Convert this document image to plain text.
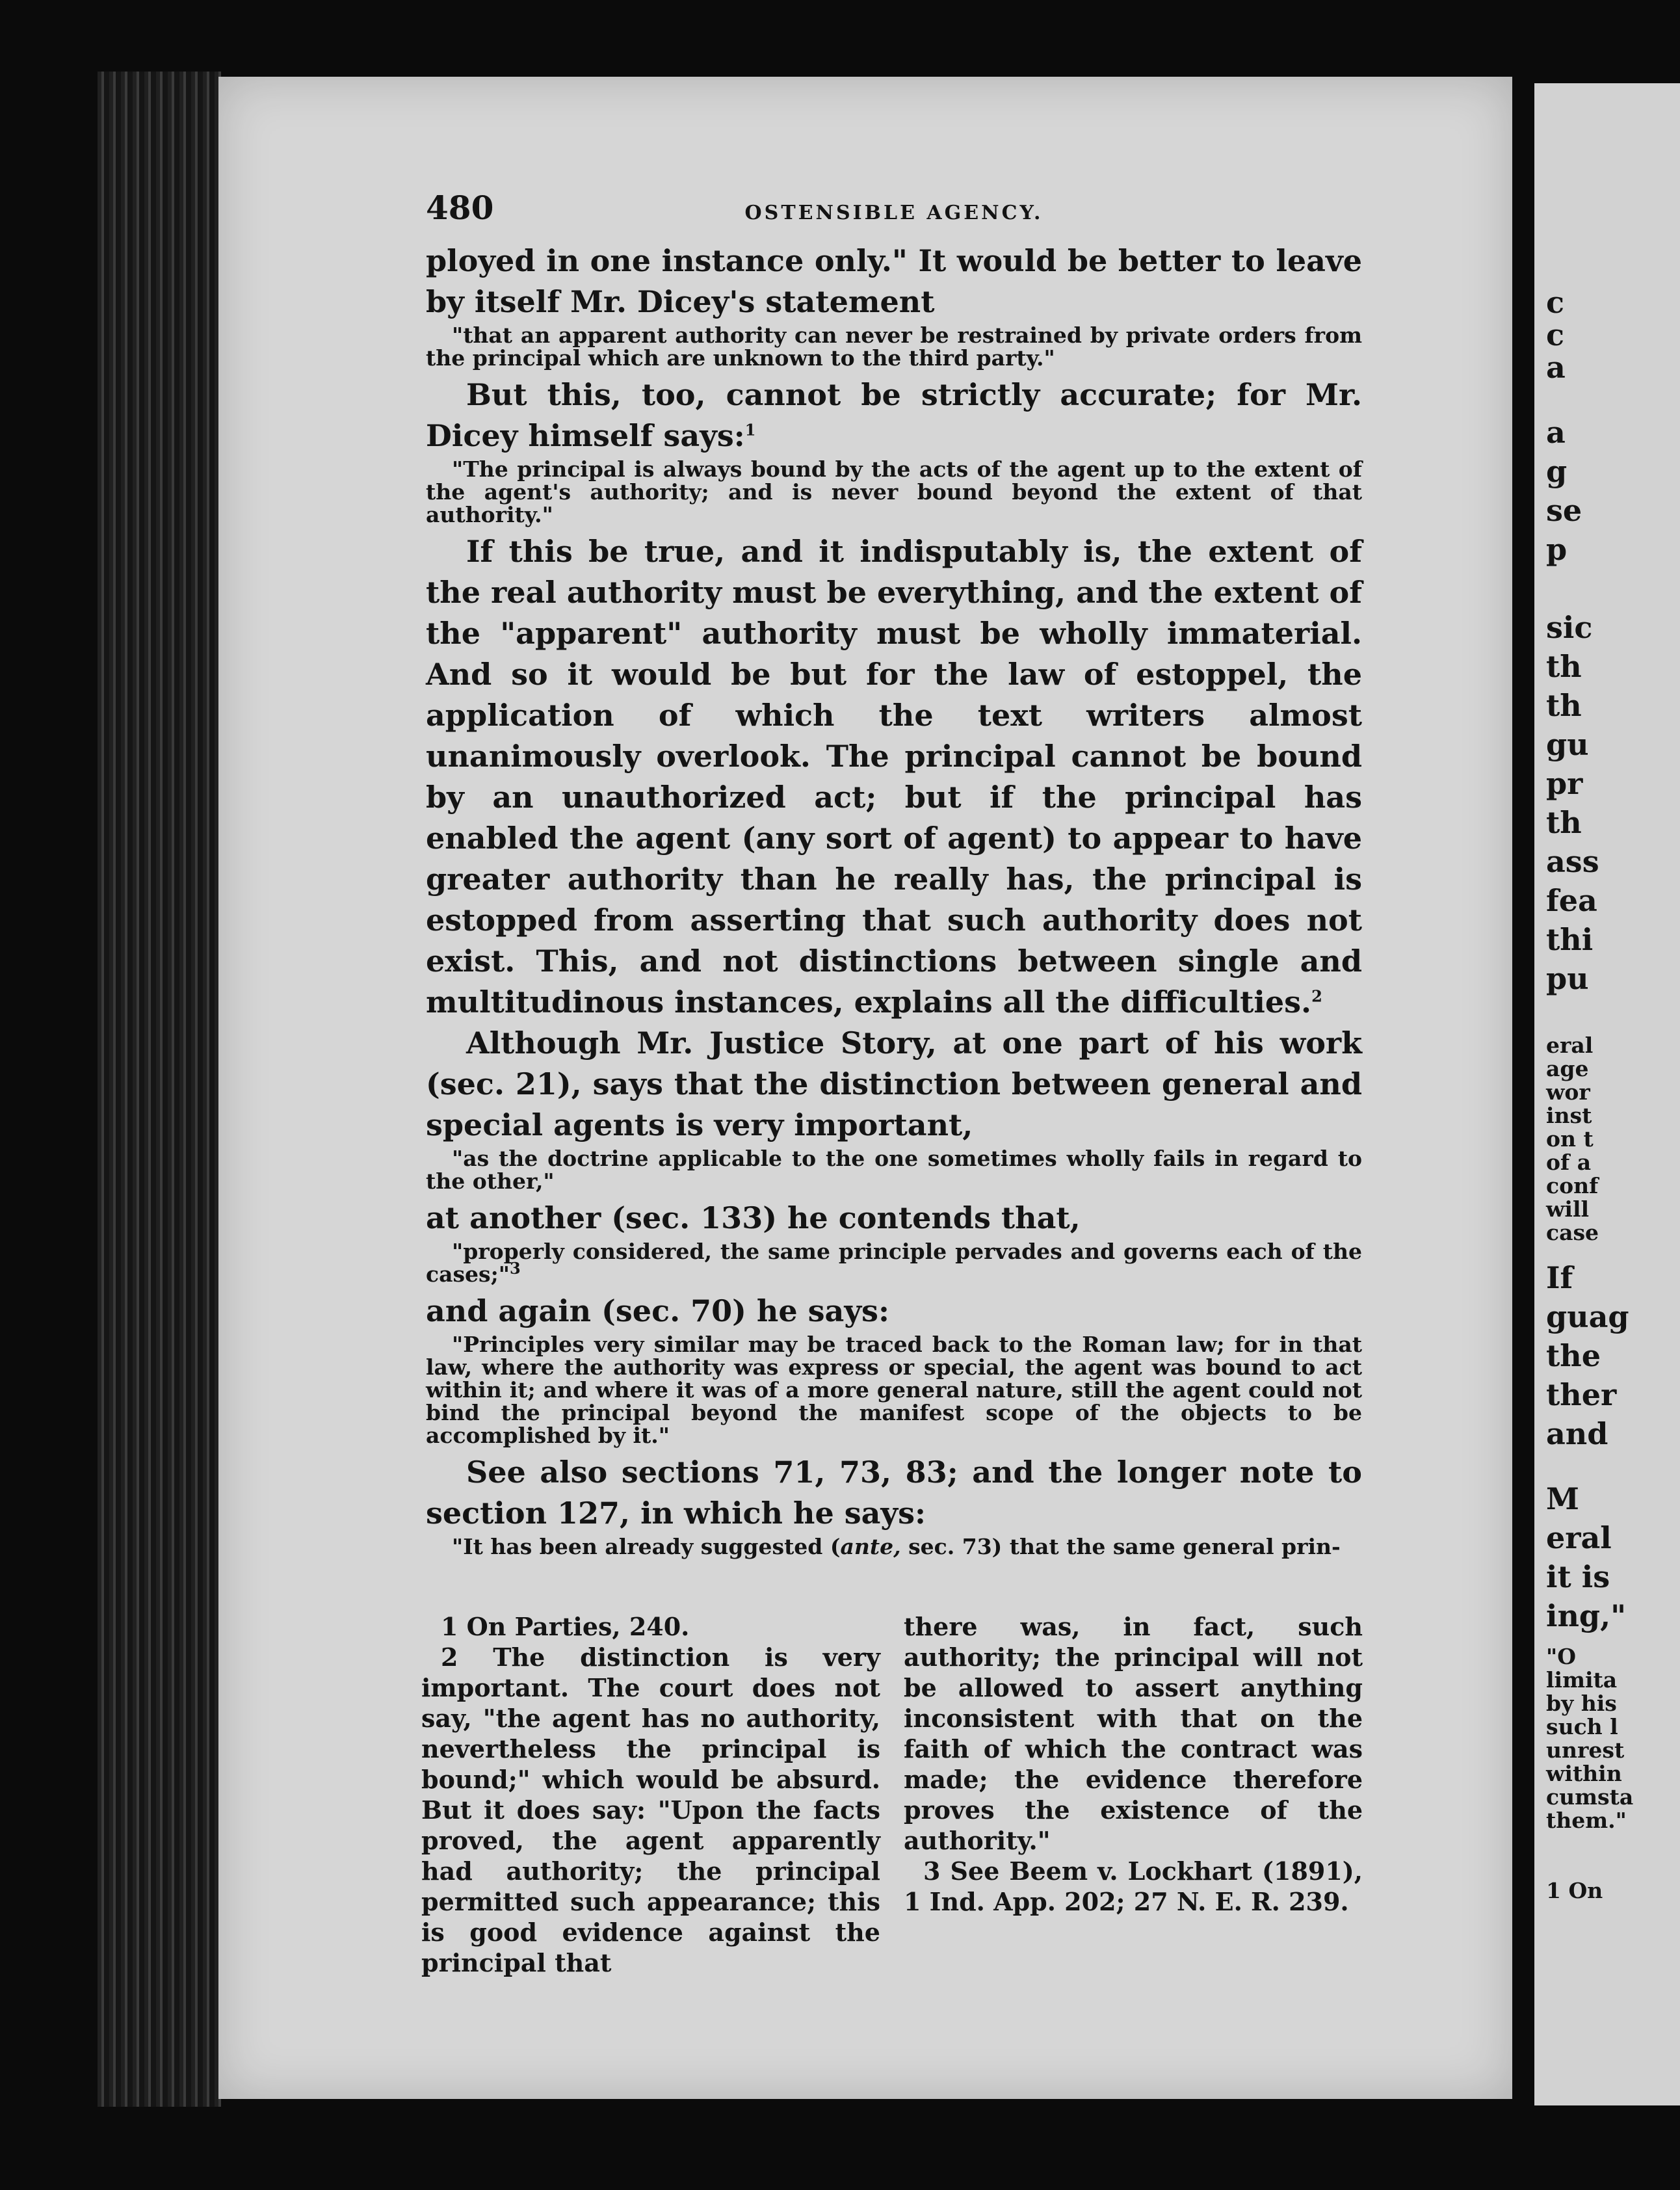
c
c
a
a
g
se
p
sic
th
th
gu
pr
th
ass
fea
thi
pu
eral
age
wor
inst
on t
of a
conf
will
case
If
guag
the
ther
and
M
eral
it is
ing,"
"O
limita
by his
such l
unrest
within
cumsta
them."
1 On
480	OSTENSIBLE AGENCY.

ployed in one instance only." It would be better to leave by itself Mr. Dicey's statement

"that an apparent authority can never be restrained by private orders from the principal which are unknown to the third party."

But this, too, cannot be strictly accurate; for Mr. Dicey himself says:$^1$

"The principal is always bound by the acts of the agent up to the extent of the agent's authority; and is never bound beyond the extent of that authority."

If this be true, and it indisputably is, the extent of the real authority must be everything, and the extent of the "apparent" authority must be wholly immaterial. And so it would be but for the law of estoppel, the application of which the text writers almost unanimously overlook. The principal cannot be bound by an unauthorized act; but if the principal has enabled the agent (any sort of agent) to appear to have greater authority than he really has, the principal is estopped from asserting that such authority does not exist. This, and not distinctions between single and multitudinous instances, explains all the difficulties.$^2$

Although Mr. Justice Story, at one part of his work (sec. 21), says that the distinction between general and special agents is very important,

"as the doctrine applicable to the one sometimes wholly fails in regard to the other,"

at another (sec. 133) he contends that,

"properly considered, the same principle pervades and governs each of the cases;"$^3$

and again (sec. 70) he says:

"Principles very similar may be traced back to the Roman law; for in that law, where the authority was express or special, the agent was bound to act within it; and where it was of a more general nature, still the agent could not bind the principal beyond the manifest scope of the objects to be accomplished by it."

See also sections 71, 73, 83; and the longer note to section 127, in which he says:

"It has been already suggested (ante, sec. 73) that the same general prin-

1 On Parties, 240.

2 The distinction is very important. The court does not say, "the agent has no authority, nevertheless the principal is bound;" which would be absurd. But it does say: "Upon the facts proved, the agent apparently had authority; the principal permitted such appearance; this is good evidence against the principal that

there was, in fact, such authority; the principal will not be allowed to assert anything inconsistent with that on the faith of which the contract was made; the evidence therefore proves the existence of the authority."

3 See Beem v. Lockhart (1891), 1 Ind. App. 202; 27 N. E. R. 239.
